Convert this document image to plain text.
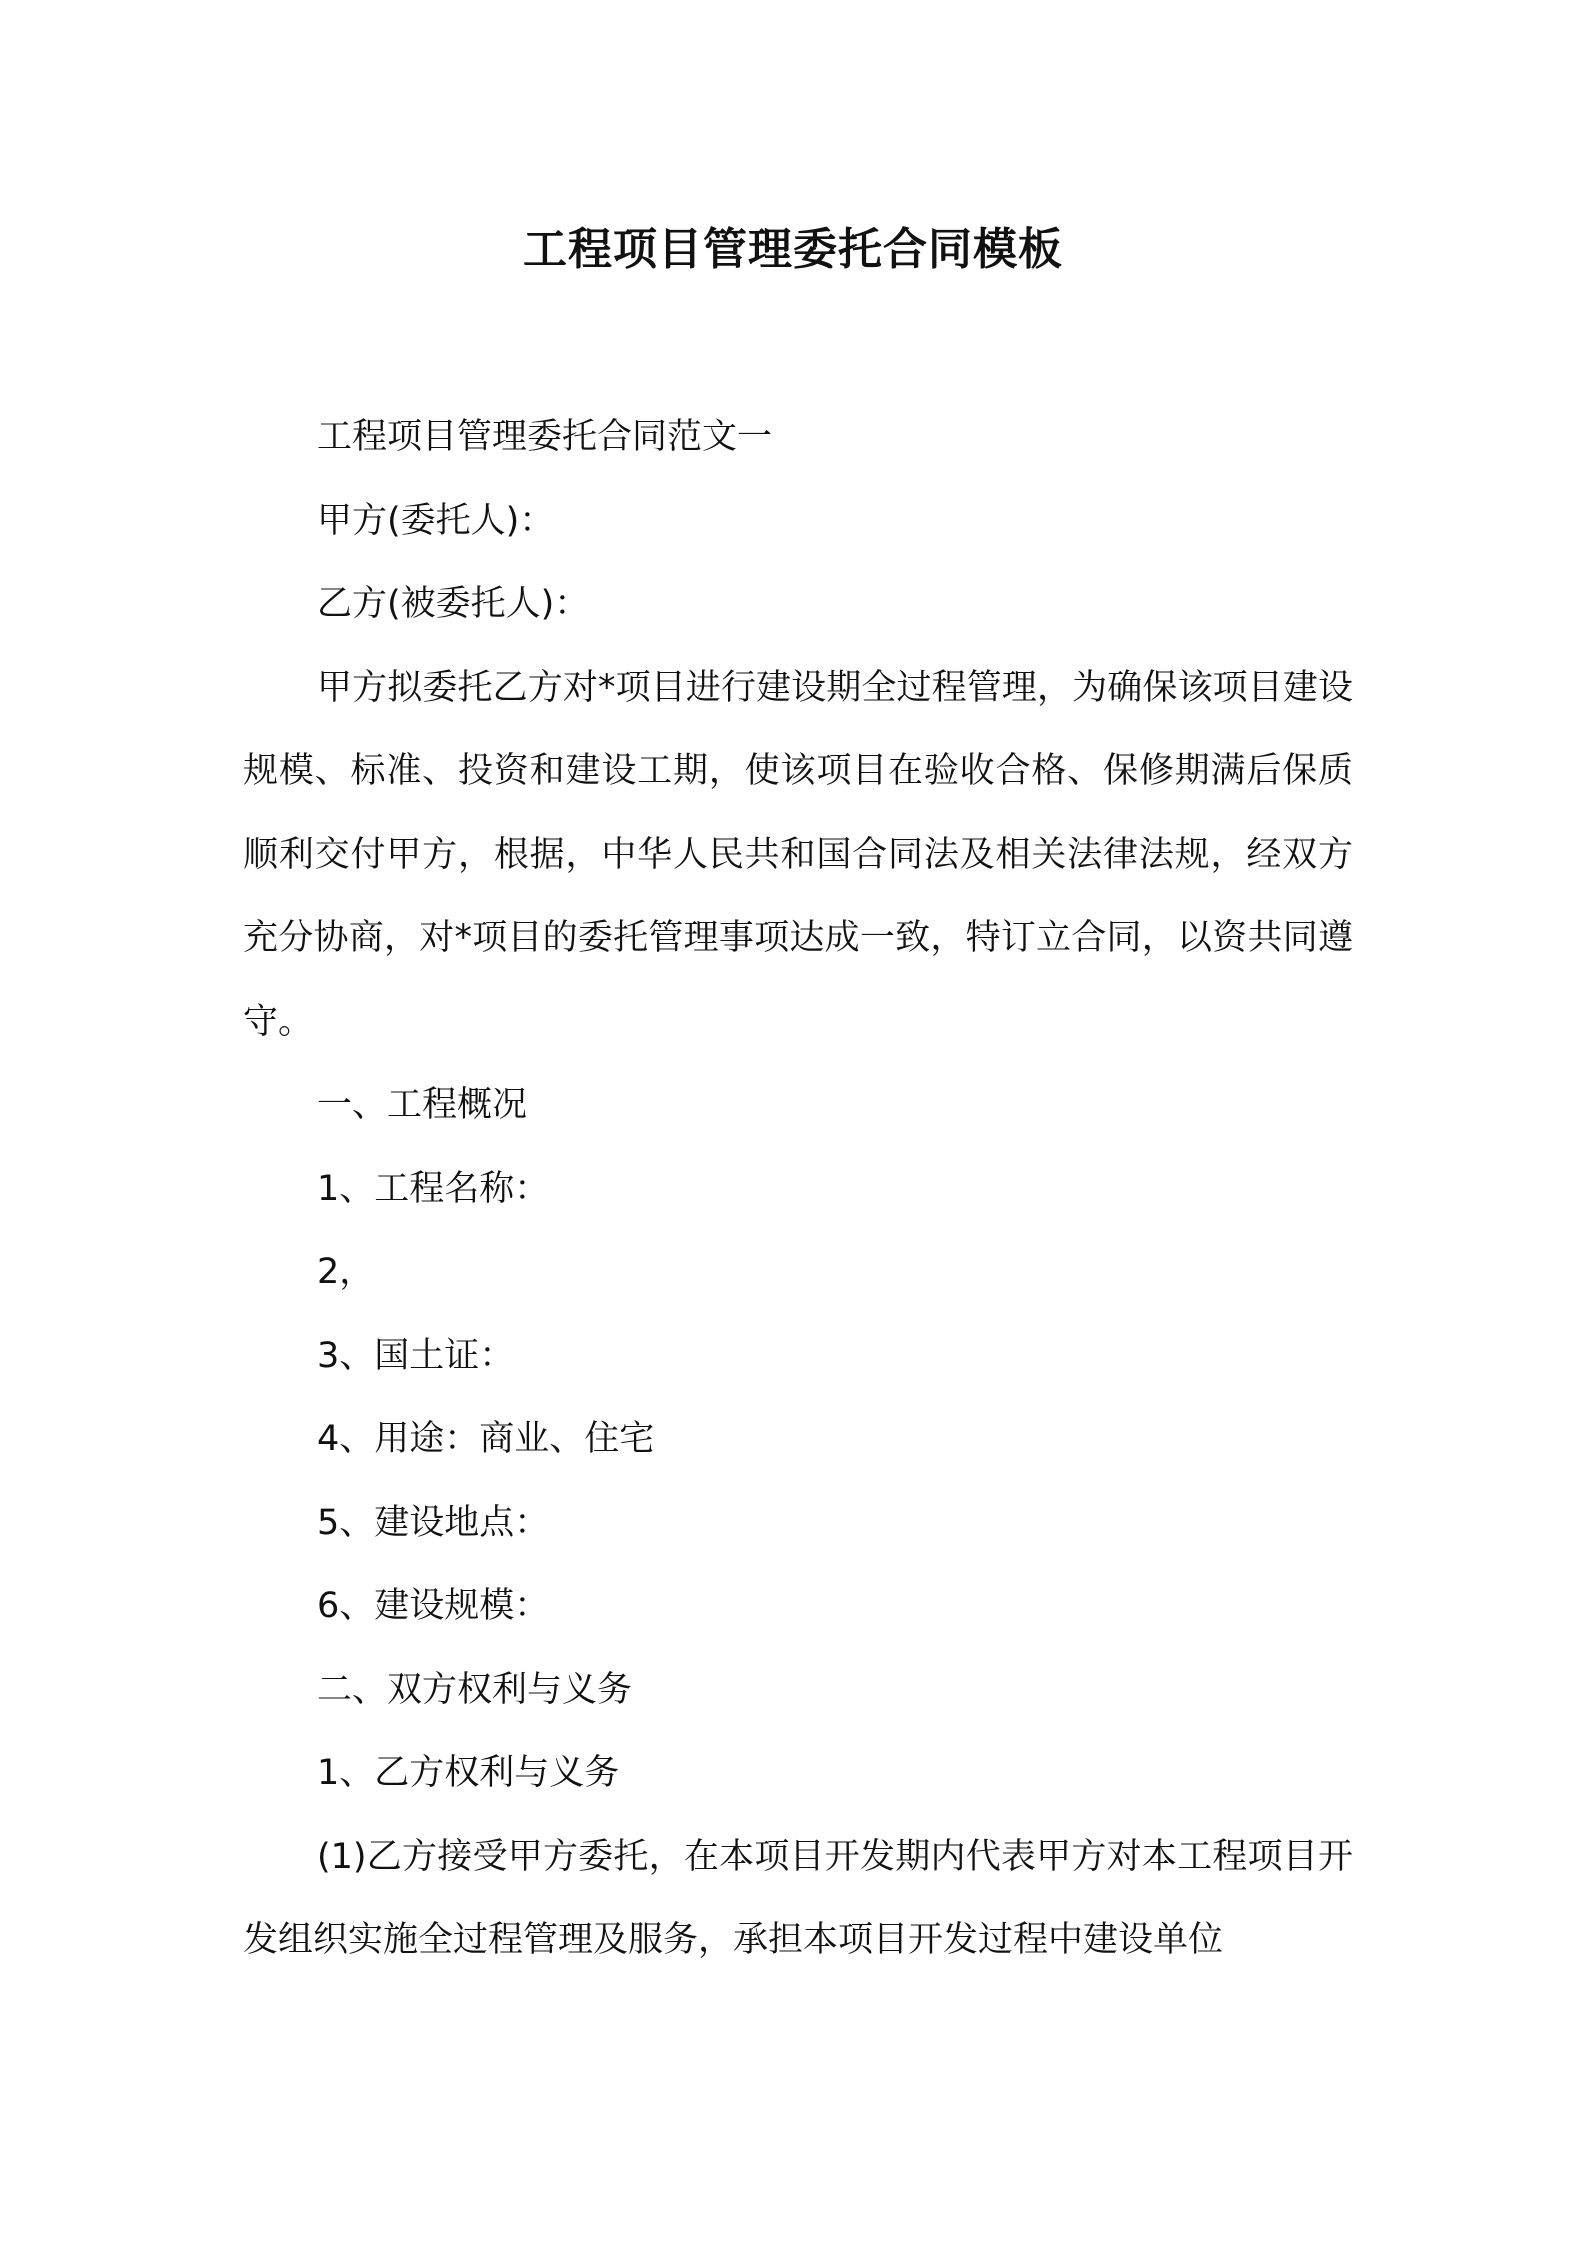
工程项目管理委托合同模板

工程项目管理委托合同范文一

甲方(委托人)：

乙方(被委托人)：

甲方拟委托乙方对*项目进行建设期全过程管理，为确保该项目建设规模、标准、投资和建设工期，使该项目在验收合格、保修期满后保质顺利交付甲方，根据，中华人民共和国合同法及相关法律法规，经双方充分协商，对*项目的委托管理事项达成一致，特订立合同，以资共同遵守。

一、工程概况

1、工程名称：

2，

3、国土证：

4、用途：商业、住宅

5、建设地点：

6、建设规模：

二、双方权利与义务

1、乙方权利与义务

(1)乙方接受甲方委托，在本项目开发期内代表甲方对本工程项目开发组织实施全过程管理及服务，承担本项目开发过程中建设单位
